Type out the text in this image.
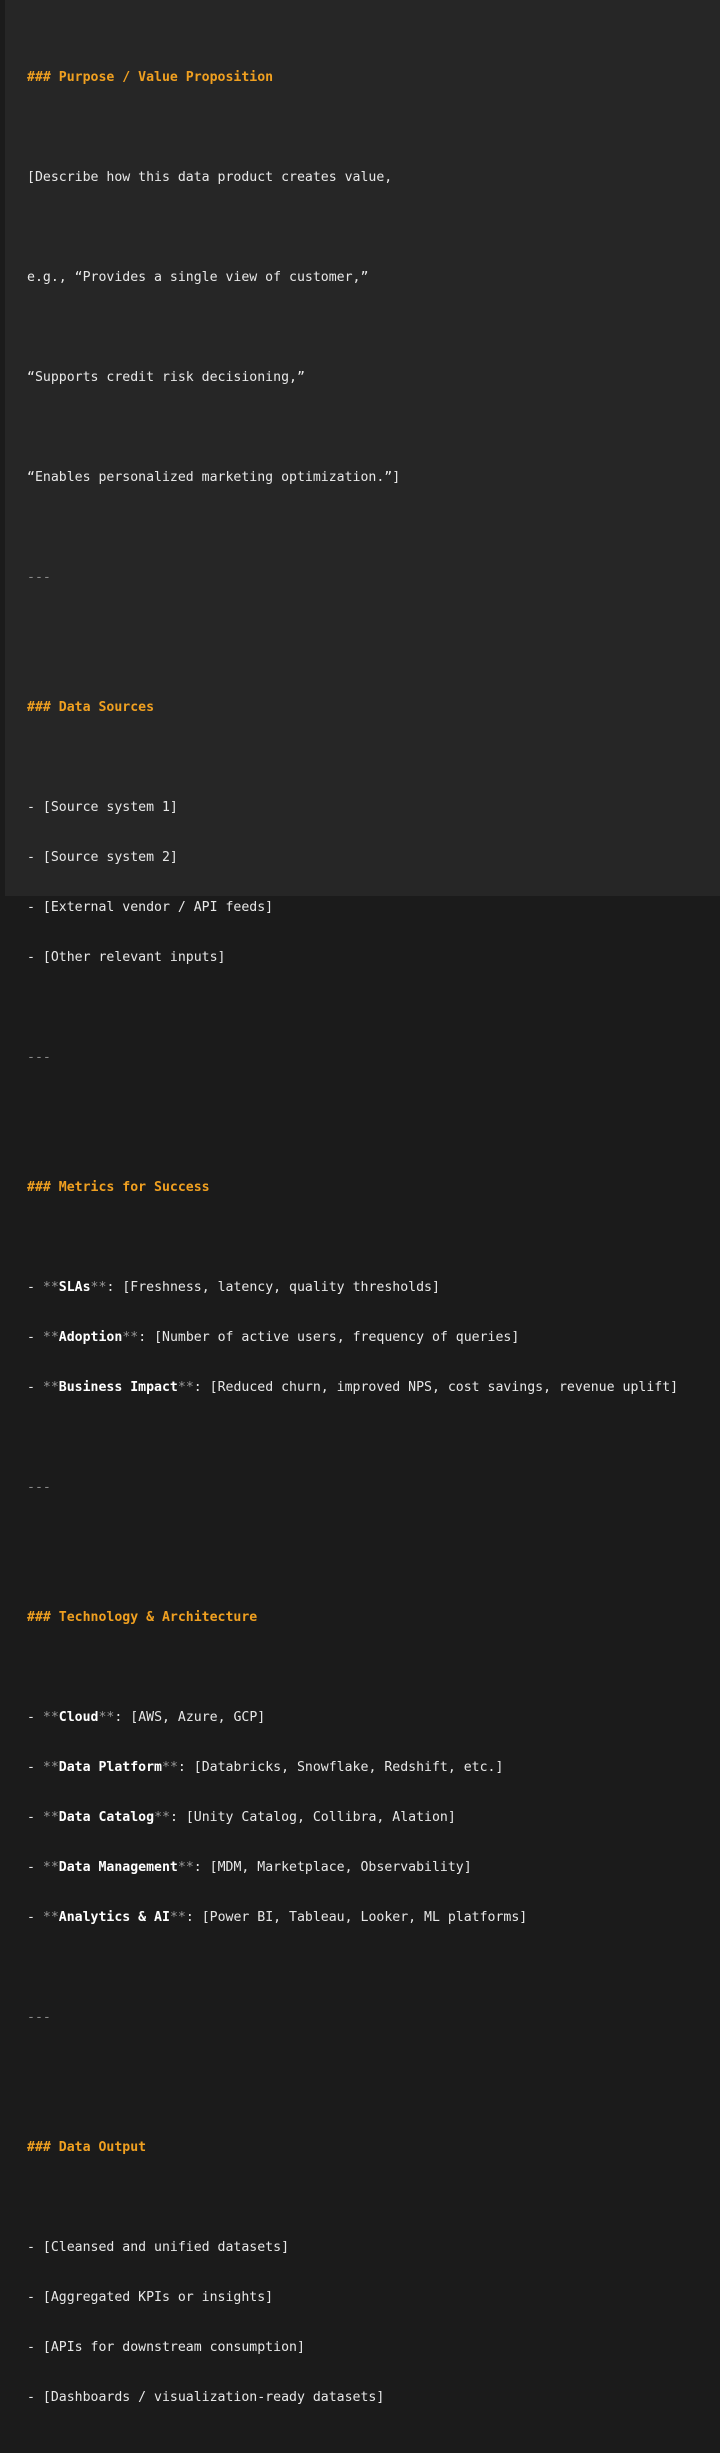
### Purpose / Value Proposition

[Describe how this data product creates value,

e.g., “Provides a single view of customer,”

“Supports credit risk decisioning,”

“Enables personalized marketing optimization.”]

---

### Data Sources

- [Source system 1]

- [Source system 2]

- [External vendor / API feeds]

- [Other relevant inputs]

---

### Metrics for Success

- **SLAs**: [Freshness, latency, quality thresholds]

- **Adoption**: [Number of active users, frequency of queries]

- **Business Impact**: [Reduced churn, improved NPS, cost savings, revenue uplift]

---

### Technology & Architecture

- **Cloud**: [AWS, Azure, GCP]

- **Data Platform**: [Databricks, Snowflake, Redshift, etc.]

- **Data Catalog**: [Unity Catalog, Collibra, Alation]

- **Data Management**: [MDM, Marketplace, Observability]

- **Analytics & AI**: [Power BI, Tableau, Looker, ML platforms]

---

### Data Output

- [Cleansed and unified datasets]

- [Aggregated KPIs or insights]

- [APIs for downstream consumption]

- [Dashboards / visualization-ready datasets]
